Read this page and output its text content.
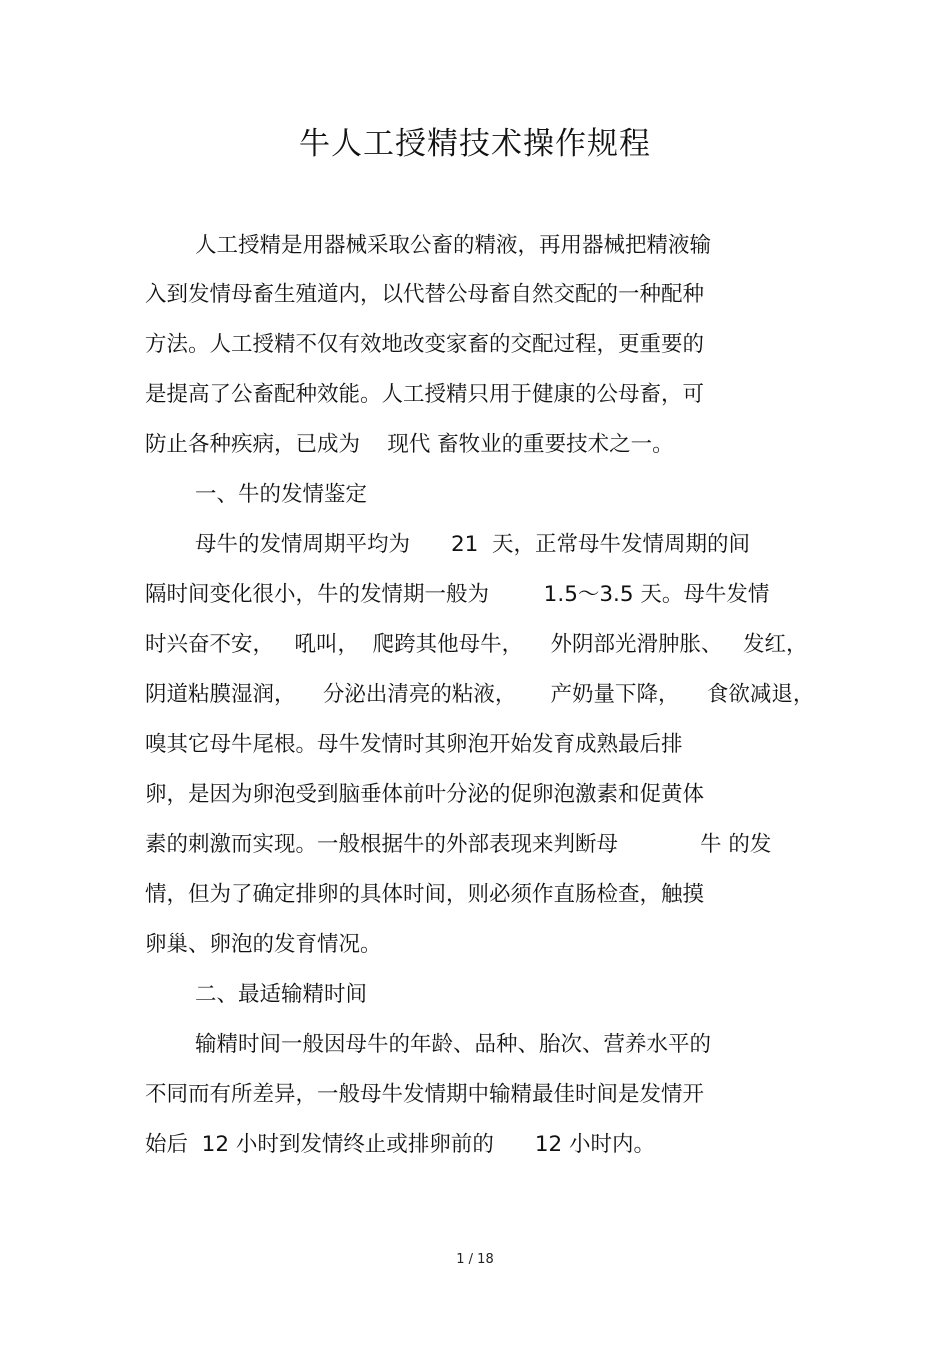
牛人工授精技术操作规程
人工授精是用器械采取公畜的精液，再用器械把精液输
入到发情母畜生殖道内，以代替公母畜自然交配的一种配种
方法。人工授精不仅有效地改变家畜的交配过程，更重要的
是提高了公畜配种效能。人工授精只用于健康的公母畜，可
防止各种疾病，已成为    现代 畜牧业的重要技术之一。
一、牛的发情鉴定
母牛的发情周期平均为      21  天，正常母牛发情周期的间
隔时间变化很小，牛的发情期一般为        1.5～3.5 天。母牛发情
时兴奋不安，   吼叫，  爬跨其他母牛，    外阴部光滑肿胀、   发红，
阴道粘膜湿润，    分泌出清亮的粘液，     产奶量下降，    食欲减退，
嗅其它母牛尾根。母牛发情时其卵泡开始发育成熟最后排
卵，是因为卵泡受到脑垂体前叶分泌的促卵泡激素和促黄体
素的刺激而实现。一般根据牛的外部表现来判断母            牛 的发
情，但为了确定排卵的具体时间，则必须作直肠检查，触摸
卵巢、卵泡的发育情况。
二、最适输精时间
输精时间一般因母牛的年龄、品种、胎次、营养水平的
不同而有所差异，一般母牛发情期中输精最佳时间是发情开
始后  12 小时到发情终止或排卵前的      12 小时内。
1 / 18
